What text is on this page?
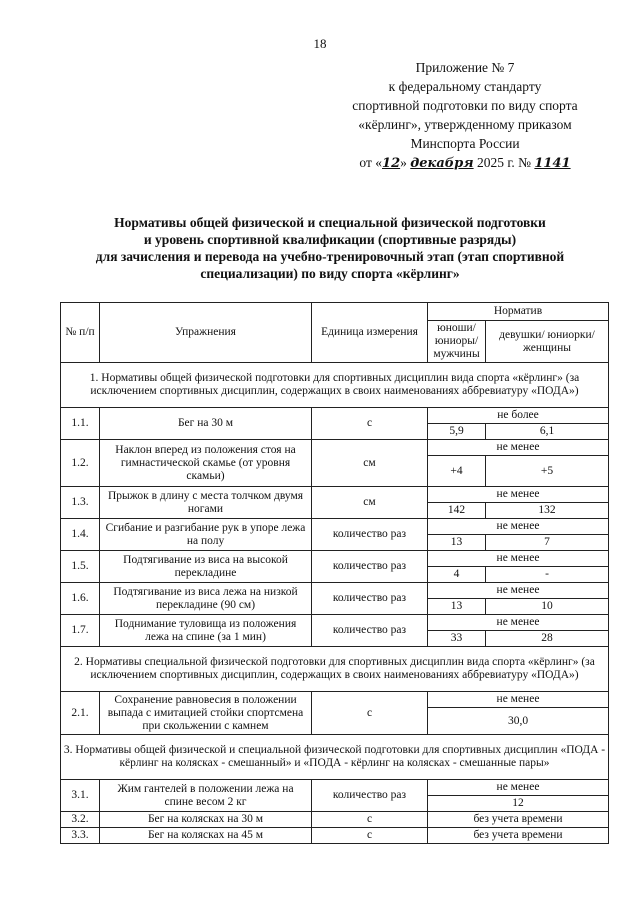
18
Приложение № 7
к федеральному стандарту
спортивной подготовки по виду спорта
«кёрлинг», утвержденному приказом
Минспорта России
от «12» декабря 2025 г. № 1141
Нормативы общей физической и специальной физической подготовки
и уровень спортивной квалификации (спортивные разряды)
для зачисления и перевода на учебно-тренировочный этап (этап спортивной
специализации) по виду спорта «кёрлинг»
№ п/п	Упражнения	Единица измерения	Норматив	
			юноши/ юниоры/ мужчины	девушки/ юниорки/ женщины
1. Нормативы общей физической подготовки для спортивных дисциплин вида спорта «кёрлинг» (за исключением спортивных дисциплин, содержащих в своих наименованиях аббревиатуру «ПОДА»)				
1.1.	Бег на 30 м	с	не более	
			5,9	6,1
1.2.	Наклон вперед из положения стоя на гимнастической скамье (от уровня скамьи)	см	не менее	
			+4	+5
1.3.	Прыжок в длину с места толчком двумя ногами	см	не менее	
			142	132
1.4.	Сгибание и разгибание рук в упоре лежа на полу	количество раз	не менее	
			13	7
1.5.	Подтягивание из виса на высокой перекладине	количество раз	не менее	
			4	-
1.6.	Подтягивание из виса лежа на низкой перекладине (90 см)	количество раз	не менее	
			13	10
1.7.	Поднимание туловища из положения лежа на спине (за 1 мин)	количество раз	не менее	
			33	28
2. Нормативы специальной физической подготовки для спортивных дисциплин вида спорта «кёрлинг» (за исключением спортивных дисциплин, содержащих в своих наименованиях аббревиатуру «ПОДА»)				
2.1.	Сохранение равновесия в положении выпада с имитацией стойки спортсмена при скольжении с камнем	с	не менее	
			30,0	
3. Нормативы общей физической и специальной физической подготовки для спортивных дисциплин «ПОДА - кёрлинг на колясках - смешанный» и «ПОДА - кёрлинг на колясках - смешанные пары»				
3.1.	Жим гантелей в положении лежа на спине весом 2 кг	количество раз	не менее	
			12	
3.2.	Бег на колясках на 30 м	с	без учета времени	
3.3.	Бег на колясках на 45 м	с	без учета времени	
